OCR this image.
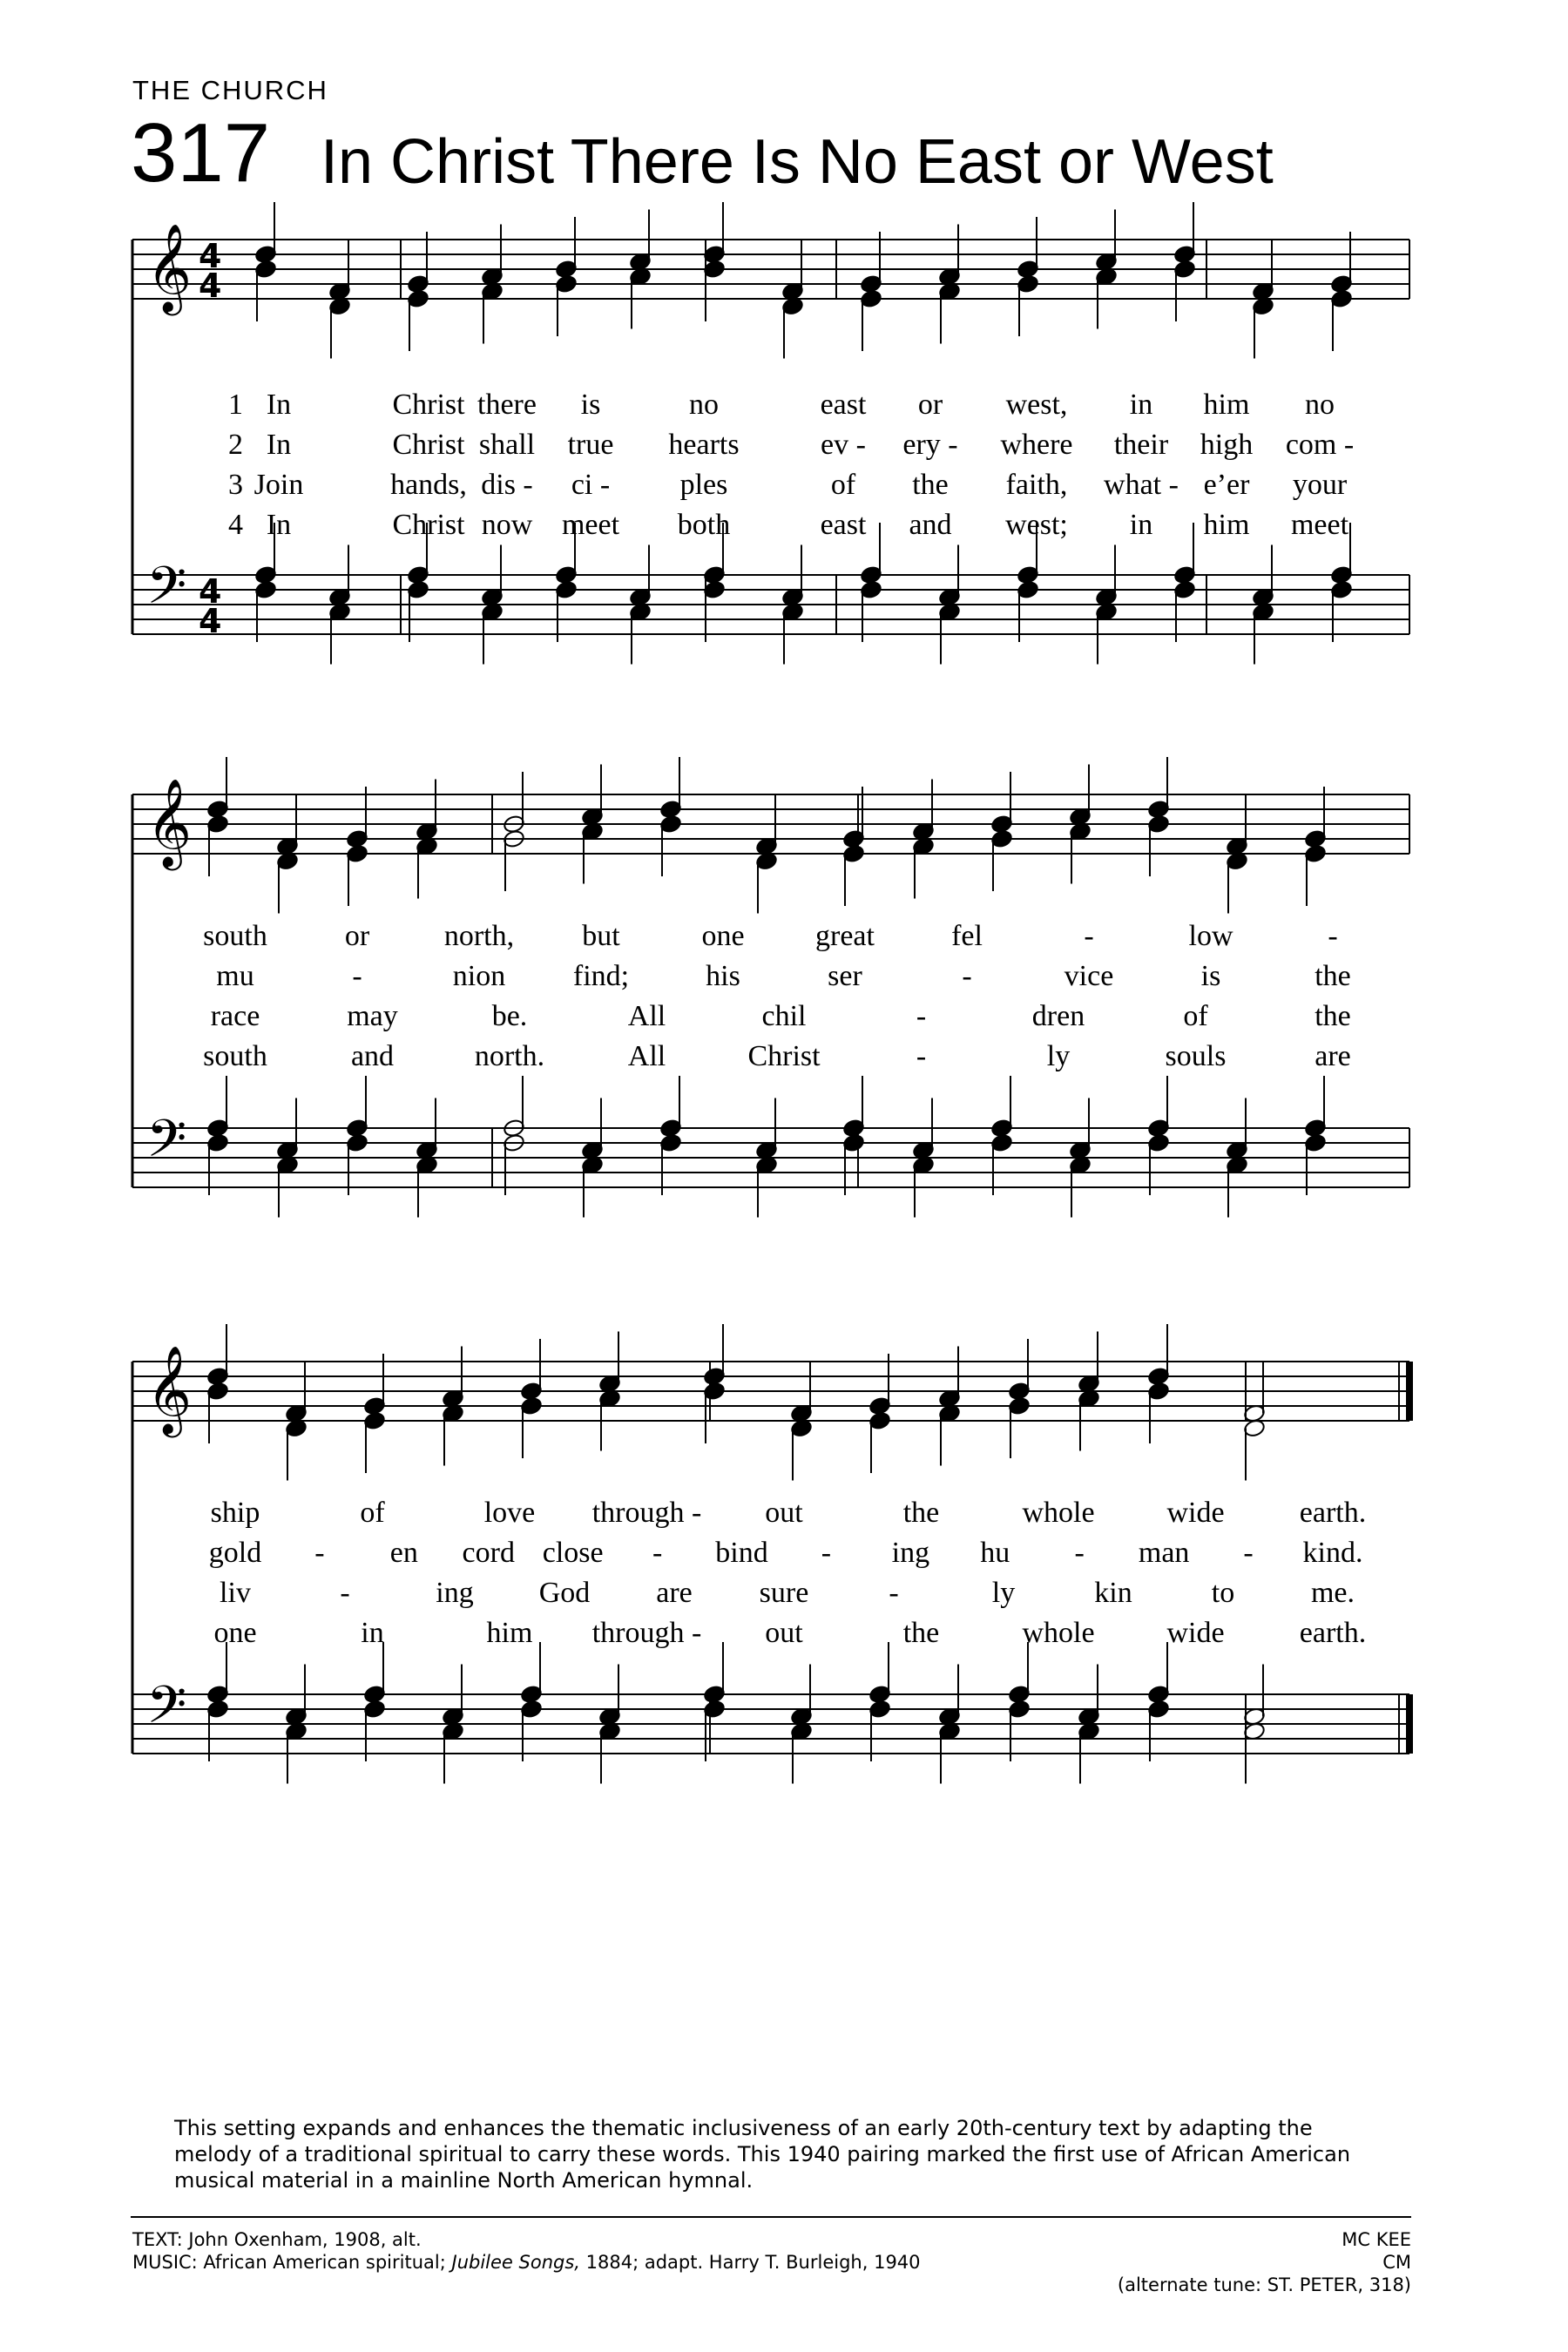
THE CHURCH
317 In Christ There Is No East or West
𝄞
𝄢
4
4
4
4
𝄞
𝄢
𝄞
𝄢
1 In	Christ there is	no	east or west, in him no
2 In	Christ shall true hearts	ev - ery - where their high com -
3 Join	hands, dis - ci - ples	of the faith, what - e’er your
4 In	Christ now meet both	east and west; in him meet
south	or	north, but	one great	fel	-	low	-
mu	-	nion find;	his	ser	-	vice	is	the
race	may	be.	All	chil	-	dren	of	the
south	and	north.	All	Christ	-	ly	souls	are
ship	of	love through - out	the	whole wide	earth.
gold - en cord close - bind - ing hu - man - kind.
liv	-	ing God are sure	-	ly	kin	to	me.
one	in	him through - out	the	whole wide	earth.
This setting expands and enhances the thematic inclusiveness of an early 20th-century text by adapting the melody of a traditional spiritual to carry these words. This 1940 pairing marked the first use of African American musical material in a mainline North American hymnal.
TEXT: John Oxenham, 1908, alt.
MUSIC: African American spiritual; Jubilee Songs, 1884; adapt. Harry T. Burleigh, 1940
MC KEE
CM
(alternate tune: ST. PETER, 318)
